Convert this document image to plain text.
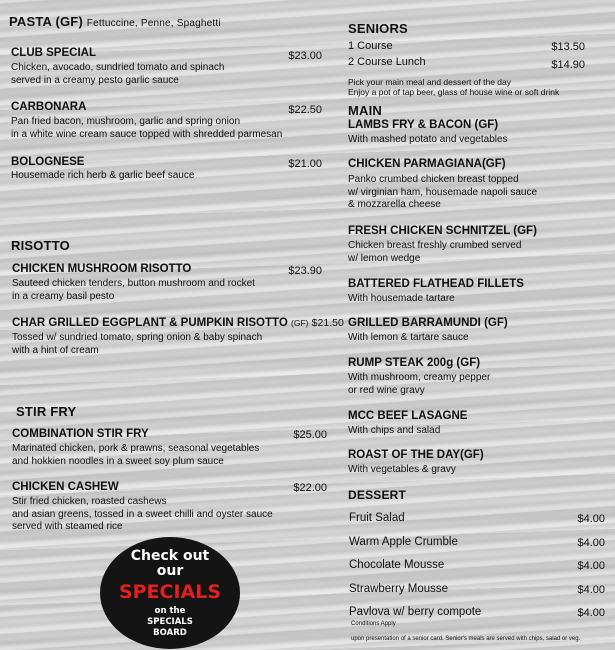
PASTA (GF) Fettuccine, Penne, Spaghetti
CLUB SPECIAL	$23.00
Chicken, avocado, sundried tomato and spinach
served in a creamy pesto garlic sauce
CARBONARA	$22.50
Pan fried bacon, mushroom, garlic and spring onion
in a white wine cream sauce topped with shredded parmesan
BOLOGNESE	$21.00
Housemade rich herb & garlic beef sauce
RISOTTO
CHICKEN MUSHROOM RISOTTO	$23.90
Sauteed chicken tenders, button mushroom and rocket
in a creamy basil pesto
CHAR GRILLED EGGPLANT & PUMPKIN RISOTTO (GF) $21.50
Tossed w/ sundried tomato, spring onion & baby spinach
with a hint of cream
STIR FRY
COMBINATION STIR FRY	$25.00
Marinated chicken, pork & prawns, seasonal vegetables
and hokkien noodles in a sweet soy plum sauce
CHICKEN CASHEW	$22.00
Stir fried chicken, roasted cashews
and asian greens, tossed in a sweet chilli and oyster sauce
served with steamed rice
Check out
our
SPECIALS
on the
SPECIALS
BOARD
SENIORS
1 Course	$13.50
2 Course Lunch	$14.90
Pick your main meal and dessert of the day
Enjoy a pot of tap beer, glass of house wine or soft drink
MAIN
LAMBS FRY & BACON (GF)
With mashed potato and vegetables
CHICKEN PARMAGIANA(GF)
Panko crumbed chicken breast topped
w/ virginian ham, housemade napoli sauce
& mozzarella cheese
FRESH CHICKEN SCHNITZEL (GF)
Chicken breast freshly crumbed served
w/ lemon wedge
BATTERED FLATHEAD FILLETS
With housemade tartare
GRILLED BARRAMUNDI (GF)
With lemon & tartare sauce
RUMP STEAK 200g (GF)
With mushroom, creamy pepper
or red wine gravy
MCC BEEF LASAGNE
With chips and salad
ROAST OF THE DAY(GF)
With vegetables & gravy
DESSERT
Fruit Salad	$4.00
Warm Apple Crumble	$4.00
Chocolate Mousse	$4.00
Strawberry Mousse	$4.00
Pavlova w/ berry compote	$4.00
Conditions Apply
upon presentation of a senior card. Senior's meals are served with chips, salad or veg.
